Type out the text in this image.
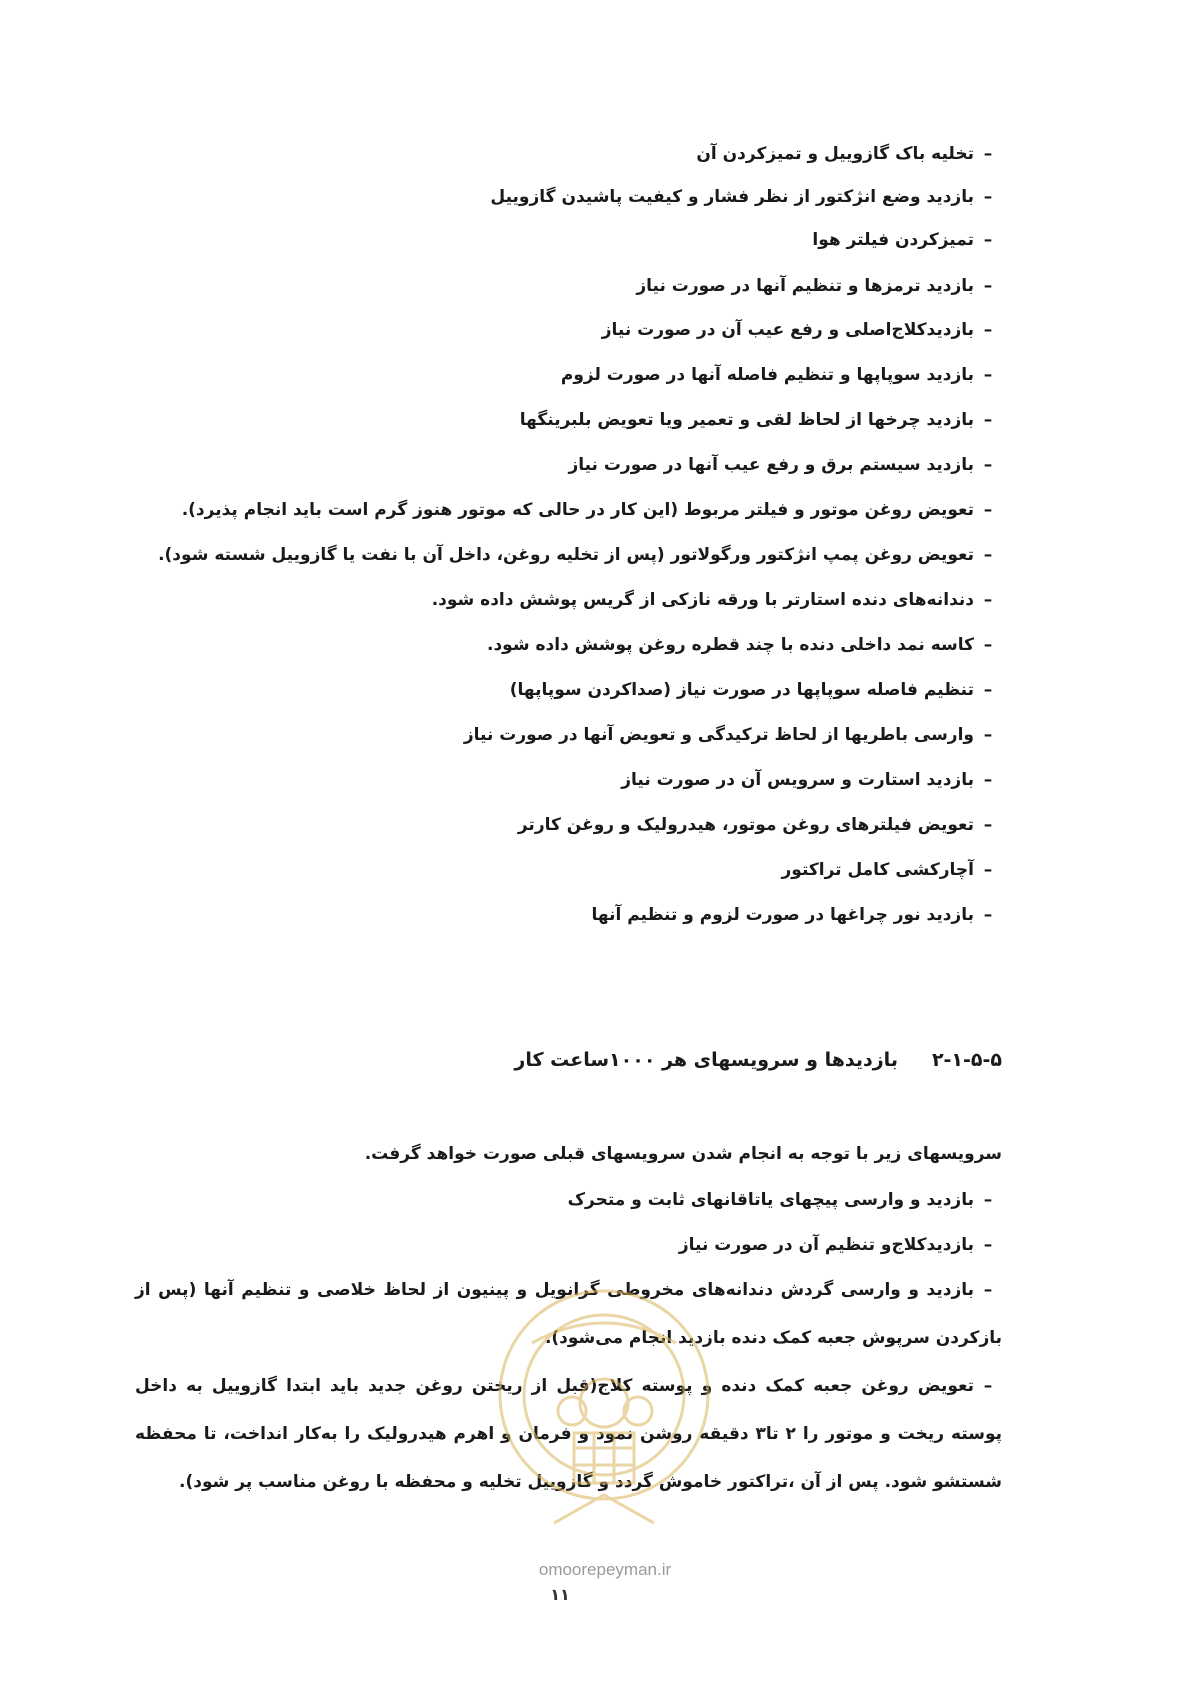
–تخلیه باک گازوییل و تمیزکردن آن
–بازدید وضع انژکتور از نظر فشار و کیفیت پاشیدن گازوییل
–تمیزکردن فیلتر هوا
–بازدید ترمزها و تنظیم آنها در صورت نیاز
–بازدیدکلاج‌اصلی و رفع عیب آن در صورت نیاز
–بازدید سوپاپها و تنظیم فاصله آنها در صورت لزوم
–بازدید چرخها از لحاظ لقی و تعمیر ویا تعویض بلبرینگها
–بازدید سیستم برق و رفع عیب آنها در صورت نیاز
–تعویض روغن موتور و فیلتر مربوط (این کار در حالی که موتور هنوز گرم است باید انجام پذیرد).
–تعویض روغن پمپ انژکتور ورگولاتور (پس از تخلیه روغن، داخل آن با نفت یا گازوییل شسته شود).
–دندانه‌های دنده استارتر با ورقه نازکی از گریس پوشش داده شود.
–کاسه نمد داخلی دنده با چند قطره روغن پوشش داده شود.
–تنظیم فاصله سوپاپها در صورت نیاز (صداکردن سوپاپها)
–وارسی باطریها از لحاظ ترکیدگی و تعویض آنها در صورت نیاز
–بازدید استارت و سرویس آن در صورت نیاز
–تعویض فیلترهای روغن موتور، هیدرولیک و روغن کارتر
–آچارکشی کامل تراکتور
–بازدید نور چراغها در صورت لزوم و تنظیم آنها
۲-۱-۵-۵بازدیدها و سرویسهای هر ۱۰۰۰ساعت کار
سرویسهای زیر با توجه به انجام شدن سرویسهای قبلی صورت خواهد گرفت.
–بازدید و وارسی پیچهای یاتاقانهای ثابت و متحرک
–بازدیدکلاج‌و تنظیم آن در صورت نیاز
–بازدید و وارسی گردش دندانه‌های مخروطی گرانویل و پینیون از لحاظ خلاصی و تنظیم آنها (پس از بازکردن سرپوش جعبه کمک دنده بازدید انجام می‌شود).
–تعویض روغن جعبه کمک دنده و پوسته کلاج(قبل از ریختن روغن جدید باید ابتدا گازوییل به داخل پوسته ریخت و موتور را ۲ تا۳ دقیقه روشن نمود و فرمان و اهرم هیدرولیک را به‌کار انداخت، تا محفظه شستشو شود. پس از آن ،تراکتور خاموش گردد و گازوییل تخلیه و محفظه با روغن مناسب پر شود).
omoorepeyman.ir
۱۱
